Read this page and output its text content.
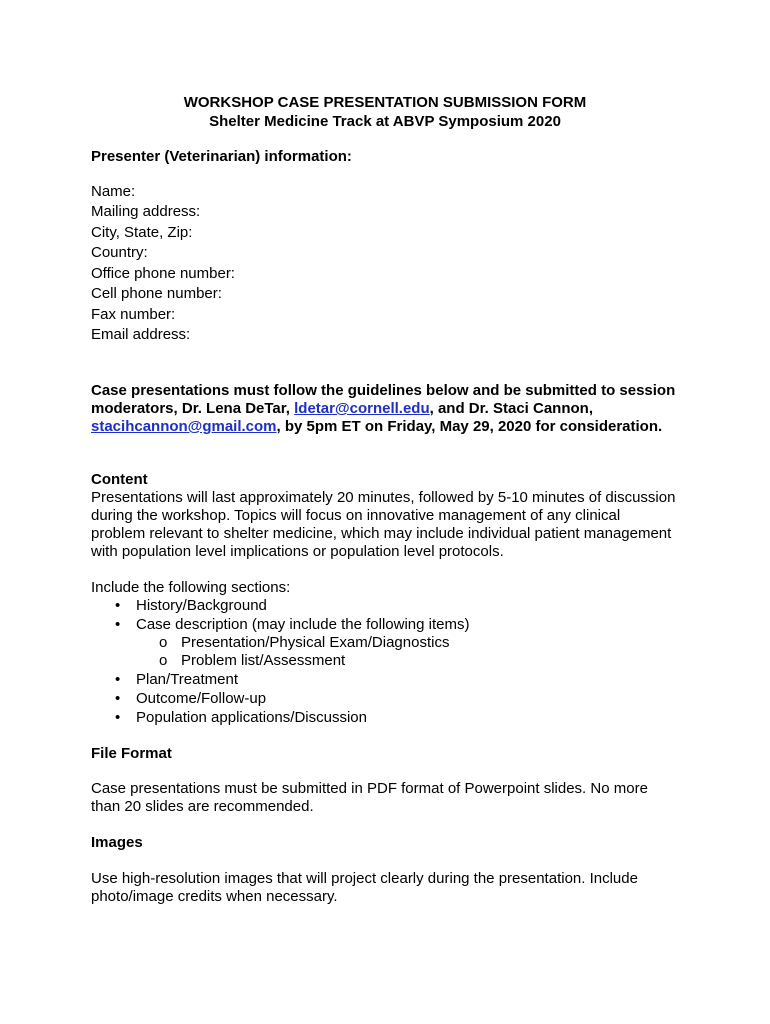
WORKSHOP CASE PRESENTATION SUBMISSION FORM
Shelter Medicine Track at ABVP Symposium 2020
Presenter (Veterinarian) information:
Name:
Mailing address:
City, State, Zip:
Country:
Office phone number:
Cell phone number:
Fax number:
Email address:
Case presentations must follow the guidelines below and be submitted to session
moderators, Dr. Lena DeTar, ldetar@cornell.edu, and Dr. Staci Cannon,
stacihcannon@gmail.com, by 5pm ET on Friday, May 29, 2020 for consideration.
Content
Presentations will last approximately 20 minutes, followed by 5-10 minutes of discussion
during the workshop. Topics will focus on innovative management of any clinical
problem relevant to shelter medicine, which may include individual patient management
with population level implications or population level protocols.
Include the following sections:
• History/Background
• Case description (may include the following items)
o Presentation/Physical Exam/Diagnostics
o Problem list/Assessment
• Plan/Treatment
• Outcome/Follow-up
• Population applications/Discussion
File Format
Case presentations must be submitted in PDF format of Powerpoint slides. No more
than 20 slides are recommended.
Images
Use high-resolution images that will project clearly during the presentation. Include
photo/image credits when necessary.
